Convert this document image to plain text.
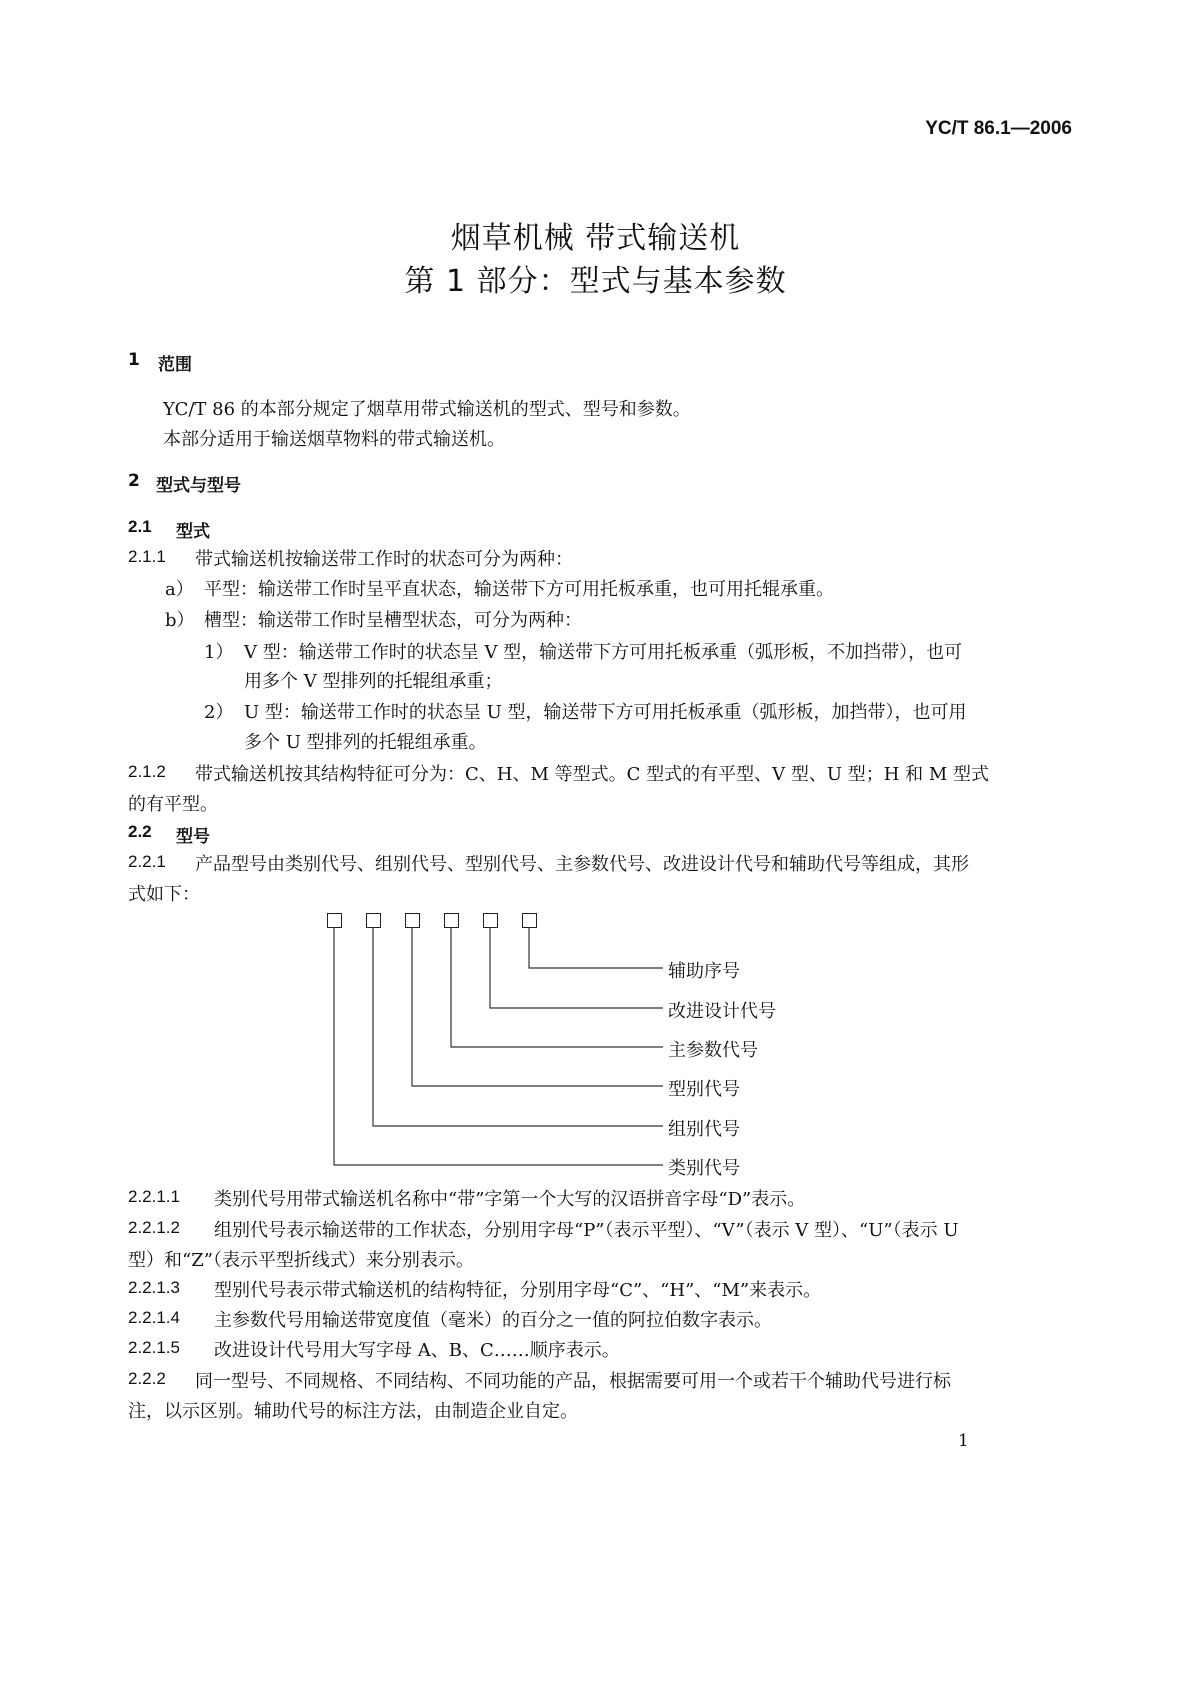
YC/T 86.1—2006
烟草机械 带式输送机
第 1 部分：型式与基本参数
1 范围
YC/T 86 的本部分规定了烟草用带式输送机的型式、型号和参数。
本部分适用于输送烟草物料的带式输送机。
2 型式与型号
2.1 型式
2.1.1 带式输送机按输送带工作时的状态可分为两种：
a） 平型：输送带工作时呈平直状态，输送带下方可用托板承重，也可用托辊承重。
b） 槽型：输送带工作时呈槽型状态，可分为两种：
1） V 型：输送带工作时的状态呈 V 型，输送带下方可用托板承重（弧形板，不加挡带），也可
用多个 V 型排列的托辊组承重；
2） U 型：输送带工作时的状态呈 U 型，输送带下方可用托板承重（弧形板，加挡带），也可用
多个 U 型排列的托辊组承重。
2.1.2 带式输送机按其结构特征可分为：C、H、M 等型式。C 型式的有平型、V 型、U 型；H 和 M 型式
的有平型。
2.2 型号
2.2.1 产品型号由类别代号、组别代号、型别代号、主参数代号、改进设计代号和辅助代号等组成，其形
式如下：
辅助序号
改进设计代号
主参数代号
型别代号
组别代号
类别代号
2.2.1.1 类别代号用带式输送机名称中“带”字第一个大写的汉语拼音字母“D”表示。
2.2.1.2 组别代号表示输送带的工作状态，分别用字母“P”（表示平型）、“V”（表示 V 型）、“U”（表示 U
型）和“Z”（表示平型折线式）来分别表示。
2.2.1.3 型别代号表示带式输送机的结构特征，分别用字母“C”、“H”、“M”来表示。
2.2.1.4 主参数代号用输送带宽度值（毫米）的百分之一值的阿拉伯数字表示。
2.2.1.5 改进设计代号用大写字母 A、B、C……顺序表示。
2.2.2 同一型号、不同规格、不同结构、不同功能的产品，根据需要可用一个或若干个辅助代号进行标
注，以示区别。辅助代号的标注方法，由制造企业自定。
1
